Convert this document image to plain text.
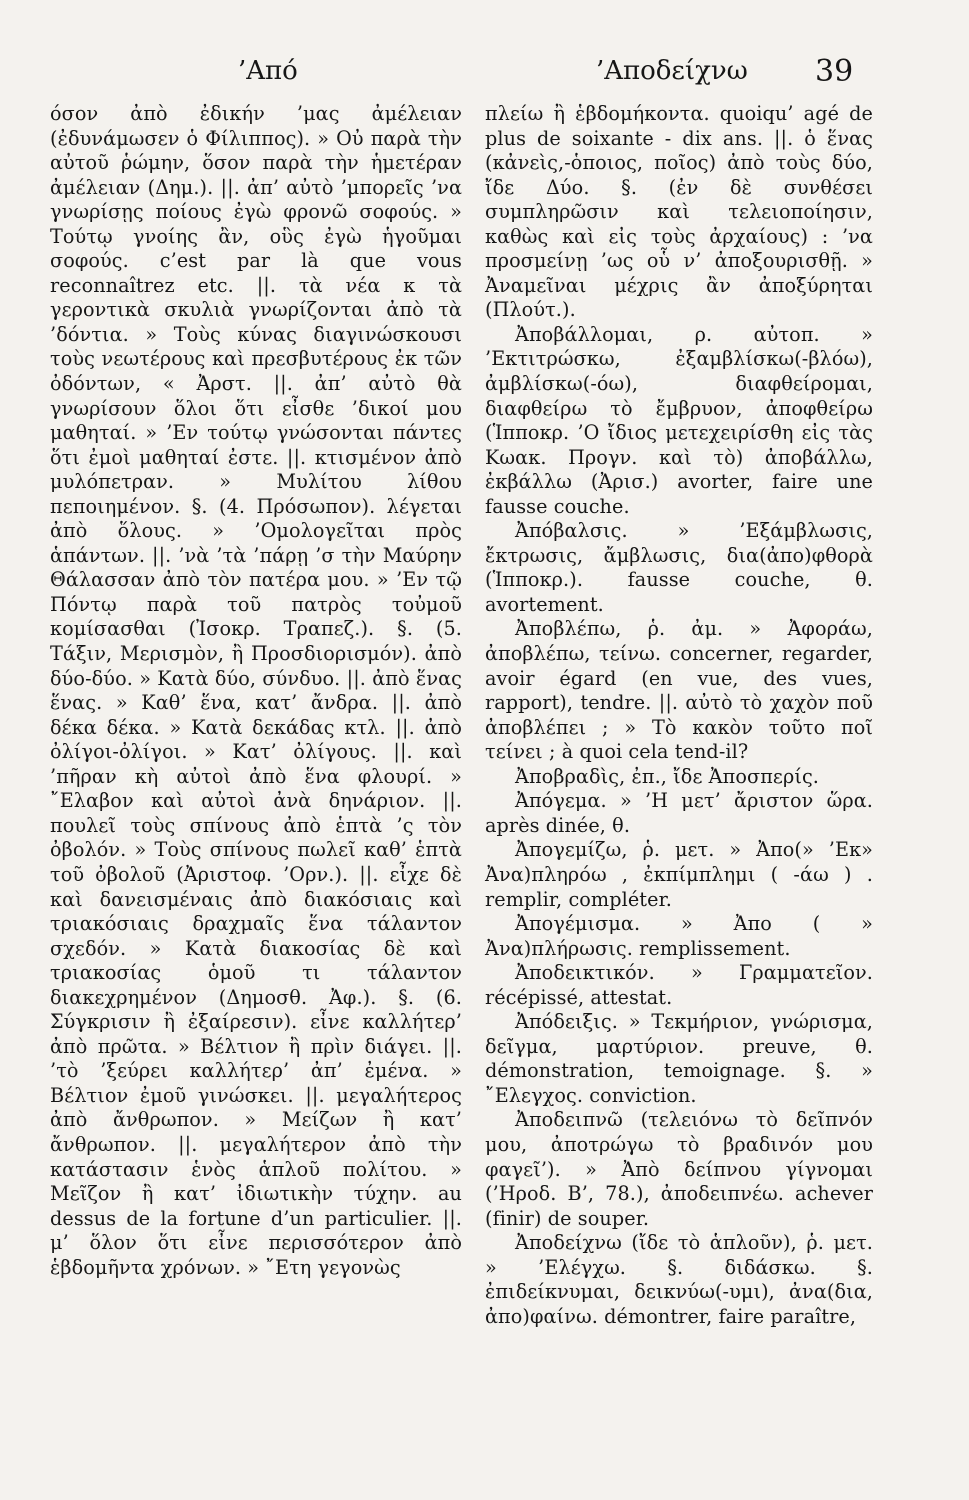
’Από	’Αποδείχνω 39

όσον ἀπὸ ἐδικήν ’μας ἀμέλειαν (ἐδυνάμωσεν ὁ Φίλιππος). » Οὐ παρὰ τὴν αὐτοῦ ῥώμην, ὅσον παρὰ τὴν ἡμετέραν ἀμέλειαν (Δημ.). ||. ἀπ’ αὐτὸ ’μπορεῖς ’να γνωρίσῃς ποίους ἐγὼ φρονῶ σοφούς. » Τούτῳ γνοίης ἂν, οὓς ἐγὼ ἡγοῦμαι σοφούς. c’est par là que vous reconnaîtrez etc. ||. τὰ νέα κ τὰ γεροντικὰ σκυλιὰ γνωρίζονται ἀπὸ τὰ ’δόντια. » Τοὺς κύνας διαγινώσκουσι τοὺς νεωτέρους καὶ πρεσβυτέρους ἐκ τῶν ὀδόντων, « Ἀρστ. ||. ἀπ’ αὐτὸ θὰ γνωρίσουν ὅλοι ὅτι εἶσθε ’δικοί μου μαθηταί. » ’Εν τούτῳ γνώσονται πάντες ὅτι ἐμοὶ μαθηταί ἐστε. ||. κτισμένον ἀπὸ μυλόπετραν. » Μυλίτου λίθου πεποιημένον. §. (4. Πρόσωπον). λέγεται ἀπὸ ὅλους. » ’Ομολογεῖται πρὸς ἁπάντων. ||. ’νὰ ’τὰ ’πάρῃ ’σ τὴν Μαύρην Θάλασσαν ἀπὸ τὸν πατέρα μου. » ’Εν τῷ Πόντῳ παρὰ τοῦ πατρὸς τοὐμοῦ κομίσασθαι (Ἰσοκρ. Τραπεζ.). §. (5. Τάξιν, Μερισμὸν, ἢ Προσδιορισμόν). ἀπὸ δύο-δύο. » Κατὰ δύο, σύνδυο. ||. ἀπὸ ἕνας ἕνας. » Καθ’ ἕνα, κατ’ ἄνδρα. ||. ἀπὸ δέκα δέκα. » Κατὰ δεκάδας κτλ. ||. ἀπὸ ὀλίγοι-ὀλίγοι. » Κατ’ ὀλίγους. ||. καὶ ’πῆραν κὴ αὐτοὶ ἀπὸ ἕνα φλουρί. » ῎Ελαβον καὶ αὐτοὶ ἀνὰ δηνάριον. ||. πουλεῖ τοὺς σπίνους ἀπὸ ἑπτὰ ’ς τὸν ὀβολόν. » Τοὺς σπίνους πωλεῖ καθ’ ἑπτὰ τοῦ ὀβολοῦ (Ἀριστοφ. ’Ορν.). ||. εἶχε δὲ καὶ δανεισμέναις ἀπὸ διακόσιαις καὶ τριακόσιαις δραχμαῖς ἕνα τάλαντον σχεδόν. » Κατὰ διακοσίας δὲ καὶ τριακοσίας ὁμοῦ τι τάλαντον διακεχρημένον (Δημοσθ. Ἀφ.). §. (6. Σύγκρισιν ἢ ἐξαίρεσιν). εἶνε καλλήτερ’ ἀπὸ πρῶτα. » Βέλτιον ἢ πρὶν διάγει. ||. ’τὸ ’ξεύρει καλλήτερ’ ἀπ’ ἐμένα. » Βέλτιον ἐμοῦ γινώσκει. ||. μεγαλήτερος ἀπὸ ἄνθρωπον. » Μείζων ἢ κατ’ ἄνθρωπον. ||. μεγαλήτερον ἀπὸ τὴν κατάστασιν ἑνὸς ἁπλοῦ πολίτου. » Μεῖζον ἢ κατ’ ἰδιωτικὴν τύχην. au dessus de la fortune d’un particulier. ||. μ’ ὅλον ὅτι εἶνε περισσότερον ἀπὸ ἑβδομῆντα χρόνων. » ῎Ετη γεγονὼς

πλείω ἢ ἑβδομήκοντα. quoiqu’ agé de plus de soixante - dix ans. ||. ὁ ἕνας (κἀνεὶς,-ὁποιος, ποῖος) ἀπὸ τοὺς δύο, ἴδε Δύο. §. (ἐν δὲ συνθέσει συμπληρῶσιν καὶ τελειοποίησιν, καθὼς καὶ εἰς τοὺς ἀρχαίους) : ’να προσμείνῃ ’ως οὗ ν’ ἀποξουρισθῇ. » Ἀναμεῖναι μέχρις ἂν ἀποξύρηται (Πλούτ.).

Ἀποβάλλομαι, ρ. αὐτοπ. » ’Εκτιτρώσκω, ἐξαμβλίσκω(-βλόω), ἀμβλίσκω(-όω), διαφθείρομαι, διαφθείρω τὸ ἔμβρυον, ἀποφθείρω (Ἱπποκρ. ’Ο ἴδιος μετεχειρίσθη εἰς τὰς Κωακ. Προγν. καὶ τὸ) ἀποβάλλω, ἐκβάλλω (Ἀρισ.) avorter, faire une fausse couche.

Ἀπόβαλσις. » ’Εξάμβλωσις, ἔκτρωσις, ἄμβλωσις, δια(ἀπο)φθορὰ (Ἱπποκρ.). fausse couche, θ. avortement.

Ἀποβλέπω, ῥ. ἀμ. » Ἀφοράω, ἀποβλέπω, τείνω. concerner, regarder, avoir égard (en vue, des vues, rapport), tendre. ||. αὐτὸ τὸ χαχὸν ποῦ ἀποβλέπει ; » Τὸ κακὸν τοῦτο ποῖ τείνει ; à quoi cela tend-il?

Ἀποβραδὶς, ἐπ., ἴδε Ἀποσπερίς.

Ἀπόγεμα. » ’Η μετ’ ἄριστον ὥρα. après dinée, θ.

Ἀπογεμίζω, ῥ. μετ. » Ἀπο(» ’Εκ» Ἀνα)πληρόω , ἐκπίμπλημι ( -άω ) . remplir, compléter.

Ἀπογέμισμα. » Ἀπο ( » Ἀνα)πλήρωσις. remplissement.

Ἀποδεικτικόν. » Γραμματεῖον. récépissé, attestat.

Ἀπόδειξις. » Τεκμήριον, γνώρισμα, δεῖγμα, μαρτύριον. preuve, θ. démonstration, temoignage. §. » ῎Ελεγχος. conviction.

Ἀποδειπνῶ (τελειόνω τὸ δεῖπνόν μου, ἀποτρώγω τὸ βραδινόν μου φαγεῖ’). » Ἀπὸ δείπνου γίγνομαι (’Ηροδ. Β’, 78.), ἀποδειπνέω. achever (finir) de souper.

Ἀποδείχνω (ἴδε τὸ ἁπλοῦν), ῥ. μετ. » ’Ελέγχω. §. διδάσκω. §. ἐπιδείκνυμαι, δεικνύω(-υμι), ἀνα(δια, ἀπο)φαίνω. démontrer, faire paraître,
